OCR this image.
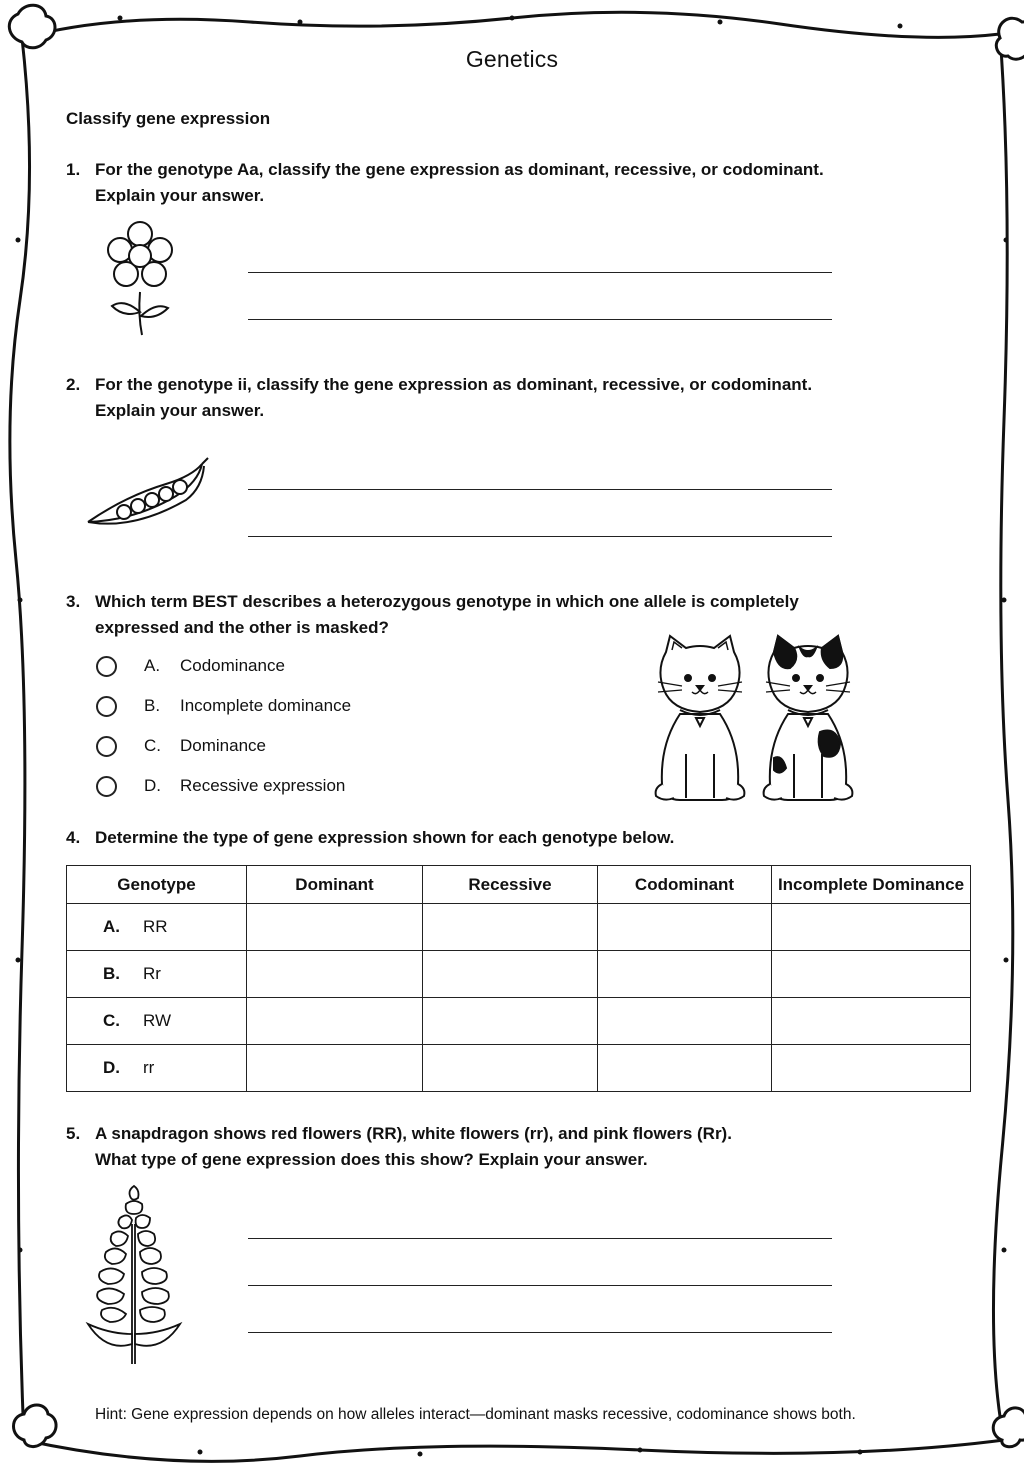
Genetics
Classify gene expression
1. For the genotype Aa, classify the gene expression as dominant, recessive, or codominant.
Explain your answer.
2. For the genotype ii, classify the gene expression as dominant, recessive, or codominant.
Explain your answer.
3. Which term BEST describes a heterozygous genotype in which one allele is completely
expressed and the other is masked?
A.	Codominance
B.	Incomplete dominance
C.	Dominance
D.	Recessive expression
4. Determine the type of gene expression shown for each genotype below.
Genotype	Dominant	Recessive	Codominant	Incomplete Dominance
A. RR				
B. Rr				
C. RW				
D. rr				
5. A snapdragon shows red flowers (RR), white flowers (rr), and pink flowers (Rr).
What type of gene expression does this show? Explain your answer.
Hint: Gene expression depends on how alleles interact—dominant masks recessive, codominance shows both.
